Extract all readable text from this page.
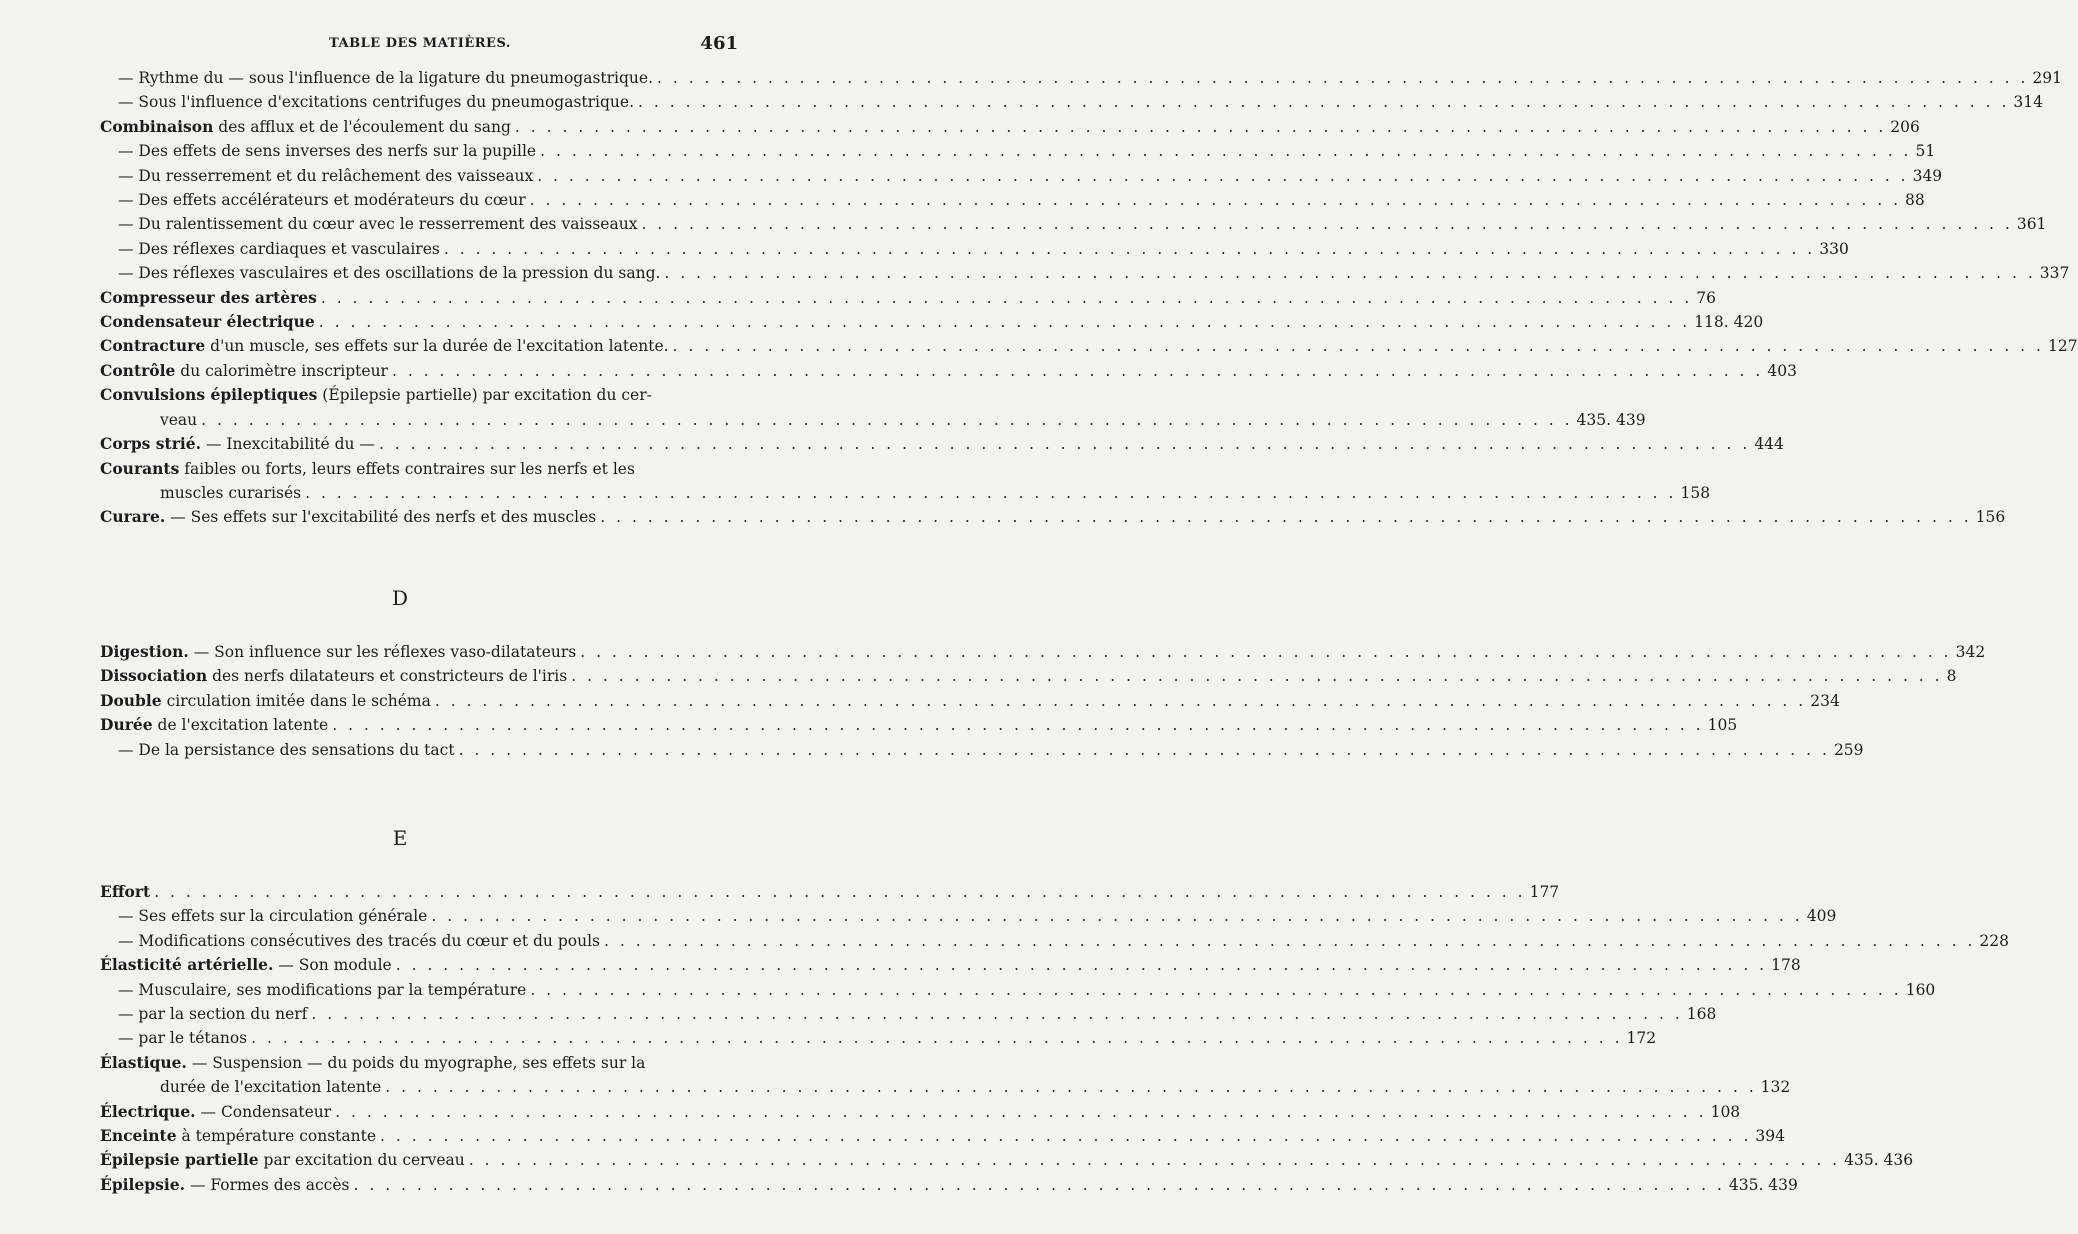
TABLE DES MATIÈRES.	461
— Rythme du — sous l'influence de la ligature du pneumogastrique. . . .	291
— Sous l'influence d'excitations centrifuges du pneumogastrique. . . .	314
Combinaison des afflux et de l'écoulement du sang . . .	206
— Des effets de sens inverses des nerfs sur la pupille . . .	51
— Du resserrement et du relâchement des vaisseaux . . .	349
— Des effets accélérateurs et modérateurs du cœur . . .	88
— Du ralentissement du cœur avec le resserrement des vaisseaux . . .	361
— Des réflexes cardiaques et vasculaires . . .	330
— Des réflexes vasculaires et des oscillations de la pression du sang. . . .	337
Compresseur des artères . . .	76
Condensateur électrique . . .	118. 420
Contracture d'un muscle, ses effets sur la durée de l'excitation latente. . . .	127
Contrôle du calorimètre inscripteur . . .	403
Convulsions épileptiques (Épilepsie partielle) par excitation du cer-
veau . . .	435. 439
Corps strié. — Inexcitabilité du — . . .	444
Courants faibles ou forts, leurs effets contraires sur les nerfs et les
muscles curarisés . . .	158
Curare. — Ses effets sur l'excitabilité des nerfs et des muscles . . .	156
D
Digestion. — Son influence sur les réflexes vaso-dilatateurs . . .	342
Dissociation des nerfs dilatateurs et constricteurs de l'iris . . .	8
Double circulation imitée dans le schéma . . .	234
Durée de l'excitation latente . . .	105
— De la persistance des sensations du tact . . .	259
E
Effort . . .	177
— Ses effets sur la circulation générale . . .	409
— Modifications consécutives des tracés du cœur et du pouls . . .	228
Élasticité artérielle. — Son module . . .	178
— Musculaire, ses modifications par la température . . .	160
— par la section du nerf . . .	168
— par le tétanos . . .	172
Élastique. — Suspension — du poids du myographe, ses effets sur la
durée de l'excitation latente . . .	132
Électrique. — Condensateur . . .	108
Enceinte à température constante . . .	394
Épilepsie partielle par excitation du cerveau . . .	435. 436
Épilepsie. — Formes des accès . . .	435. 439
